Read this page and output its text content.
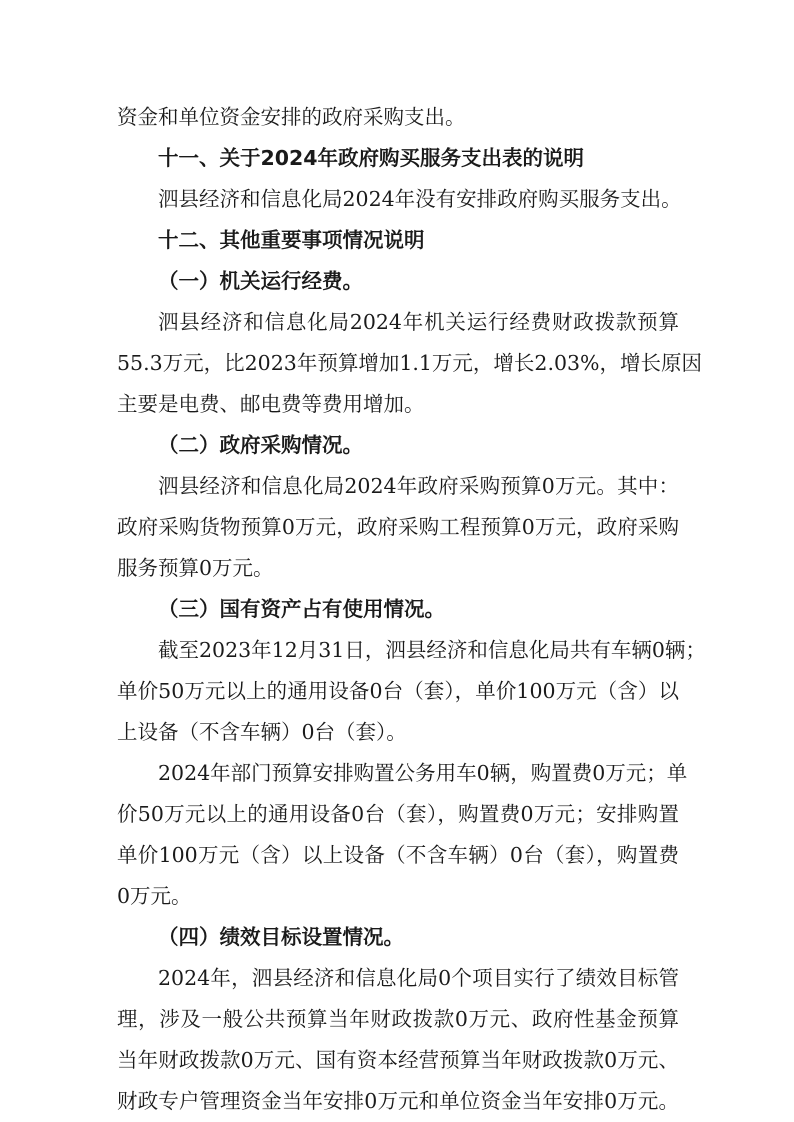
资金和单位资金安排的政府采购支出。
十一、关于2024年政府购买服务支出表的说明
泗县经济和信息化局2024年没有安排政府购买服务支出。
十二、其他重要事项情况说明
（一）机关运行经费。
泗县经济和信息化局2024年机关运行经费财政拨款预算
55.3万元，比2023年预算增加1.1万元，增长2.03%，增长原因
主要是电费、邮电费等费用增加。
（二）政府采购情况。
泗县经济和信息化局2024年政府采购预算0万元。其中：
政府采购货物预算0万元，政府采购工程预算0万元，政府采购
服务预算0万元。
（三）国有资产占有使用情况。
截至2023年12月31日，泗县经济和信息化局共有车辆0辆；
单价50万元以上的通用设备0台（套），单价100万元（含）以
上设备（不含车辆）0台（套）。
2024年部门预算安排购置公务用车0辆，购置费0万元；单
价50万元以上的通用设备0台（套），购置费0万元；安排购置
单价100万元（含）以上设备（不含车辆）0台（套），购置费
0万元。
（四）绩效目标设置情况。
2024年，泗县经济和信息化局0个项目实行了绩效目标管
理，涉及一般公共预算当年财政拨款0万元、政府性基金预算
当年财政拨款0万元、国有资本经营预算当年财政拨款0万元、
财政专户管理资金当年安排0万元和单位资金当年安排0万元。
